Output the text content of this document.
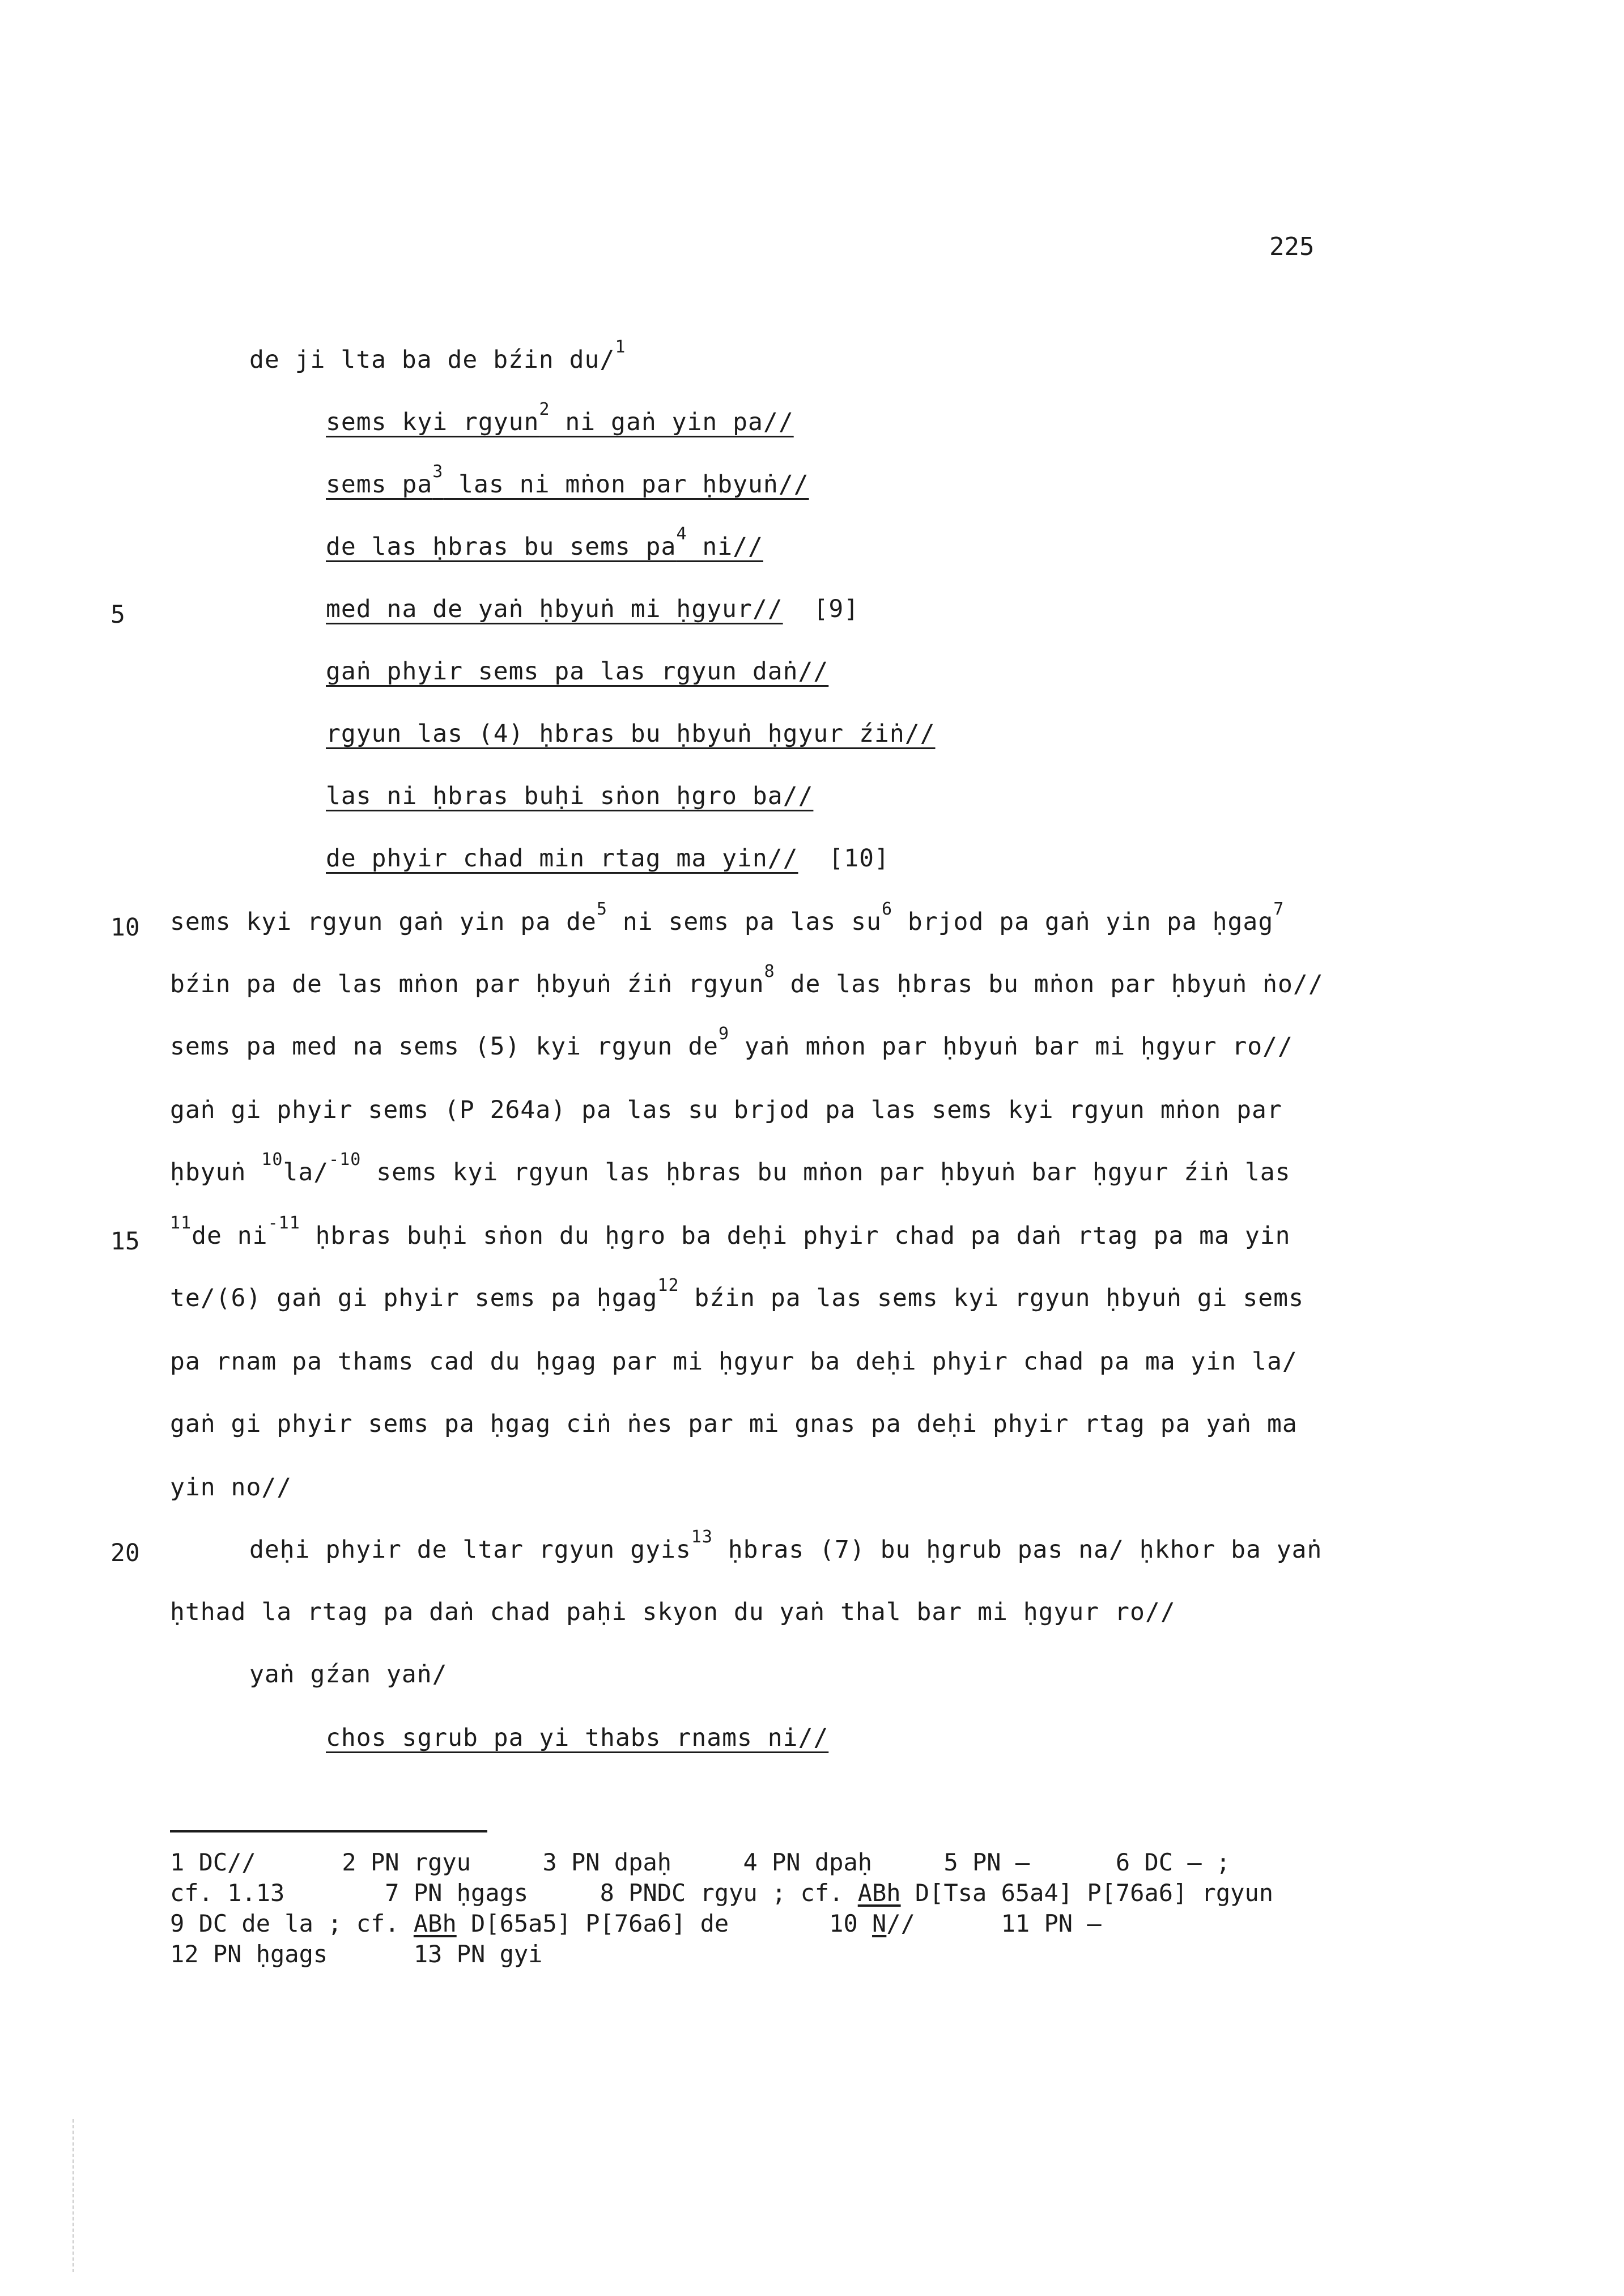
225
de ji lta ba de bźin du/$^1$
sems kyi rgyun$^2$ ni gaṅ yin pa//
sems $pa^3$ las ni mṅon par ḥbyuṅ//
de las ḥbras bu sems $pa^4$ ni//
med na de yaṅ ḥbyuṅ mi ḥgyur//  [9]
gaṅ phyir sems pa las rgyun daṅ//
rgyun las (4) ḥbras bu ḥbyuṅ ḥgyur źiṅ//
las ni ḥbras buḥi sṅon ḥgro ba//
de phyir chad min rtag ma yin//  [10]
sems kyi rgyun gaṅ yin pa $de^5$ ni sems pa las $su^6$ brjod pa gaṅ yin pa ḥgag$^7$
bźin pa de las mṅon par ḥbyuṅ źiṅ rgyun$^8$ de las ḥbras bu mṅon par ḥbyuṅ ṅo//
sems pa med na sems (5) kyi rgyun $de^9$ yaṅ mṅon par ḥbyuṅ bar mi ḥgyur ro//
gaṅ gi phyir sems (P 264a) pa las su brjod pa las sems kyi rgyun mṅon par
ḥbyuṅ $^{10}$la/$^{-10}$ sems kyi rgyun las ḥbras bu mṅon par ḥbyuṅ bar ḥgyur źiṅ las
$^{11}$de $ni^{-11}$ ḥbras buḥi sṅon du ḥgro ba deḥi phyir chad pa daṅ rtag pa ma yin
te/(6) gaṅ gi phyir sems pa ḥgag$^{12}$ bźin pa las sems kyi rgyun ḥbyuṅ gi sems
pa rnam pa thams cad du ḥgag par mi ḥgyur ba deḥi phyir chad pa ma yin la/
gaṅ gi phyir sems pa ḥgag ciṅ ṅes par mi gnas pa deḥi phyir rtag pa yaṅ ma
yin no//
deḥi phyir de ltar rgyun gyis$^{13}$ ḥbras (7) bu ḥgrub pas na/ ḥkhor ba yaṅ
ḥthad la rtag pa daṅ chad paḥi skyon du yaṅ thal bar mi ḥgyur ro//
yaṅ gźan yaṅ/
chos sgrub pa yi thabs rnams ni//
5
10
15
20
1 DC//      2 PN rgyu     3 PN dpaḥ     4 PN dpaḥ     5 PN —      6 DC — ;
cf. 1.13       7 PN ḥgags     8 PNDC rgyu ; cf. ABh D[Tsa 65a4] P[76a6] rgyun
9 DC de la ; cf. ABh D[65a5] P[76a6] de       10 N//      11 PN —
12 PN ḥgags      13 PN gyi
